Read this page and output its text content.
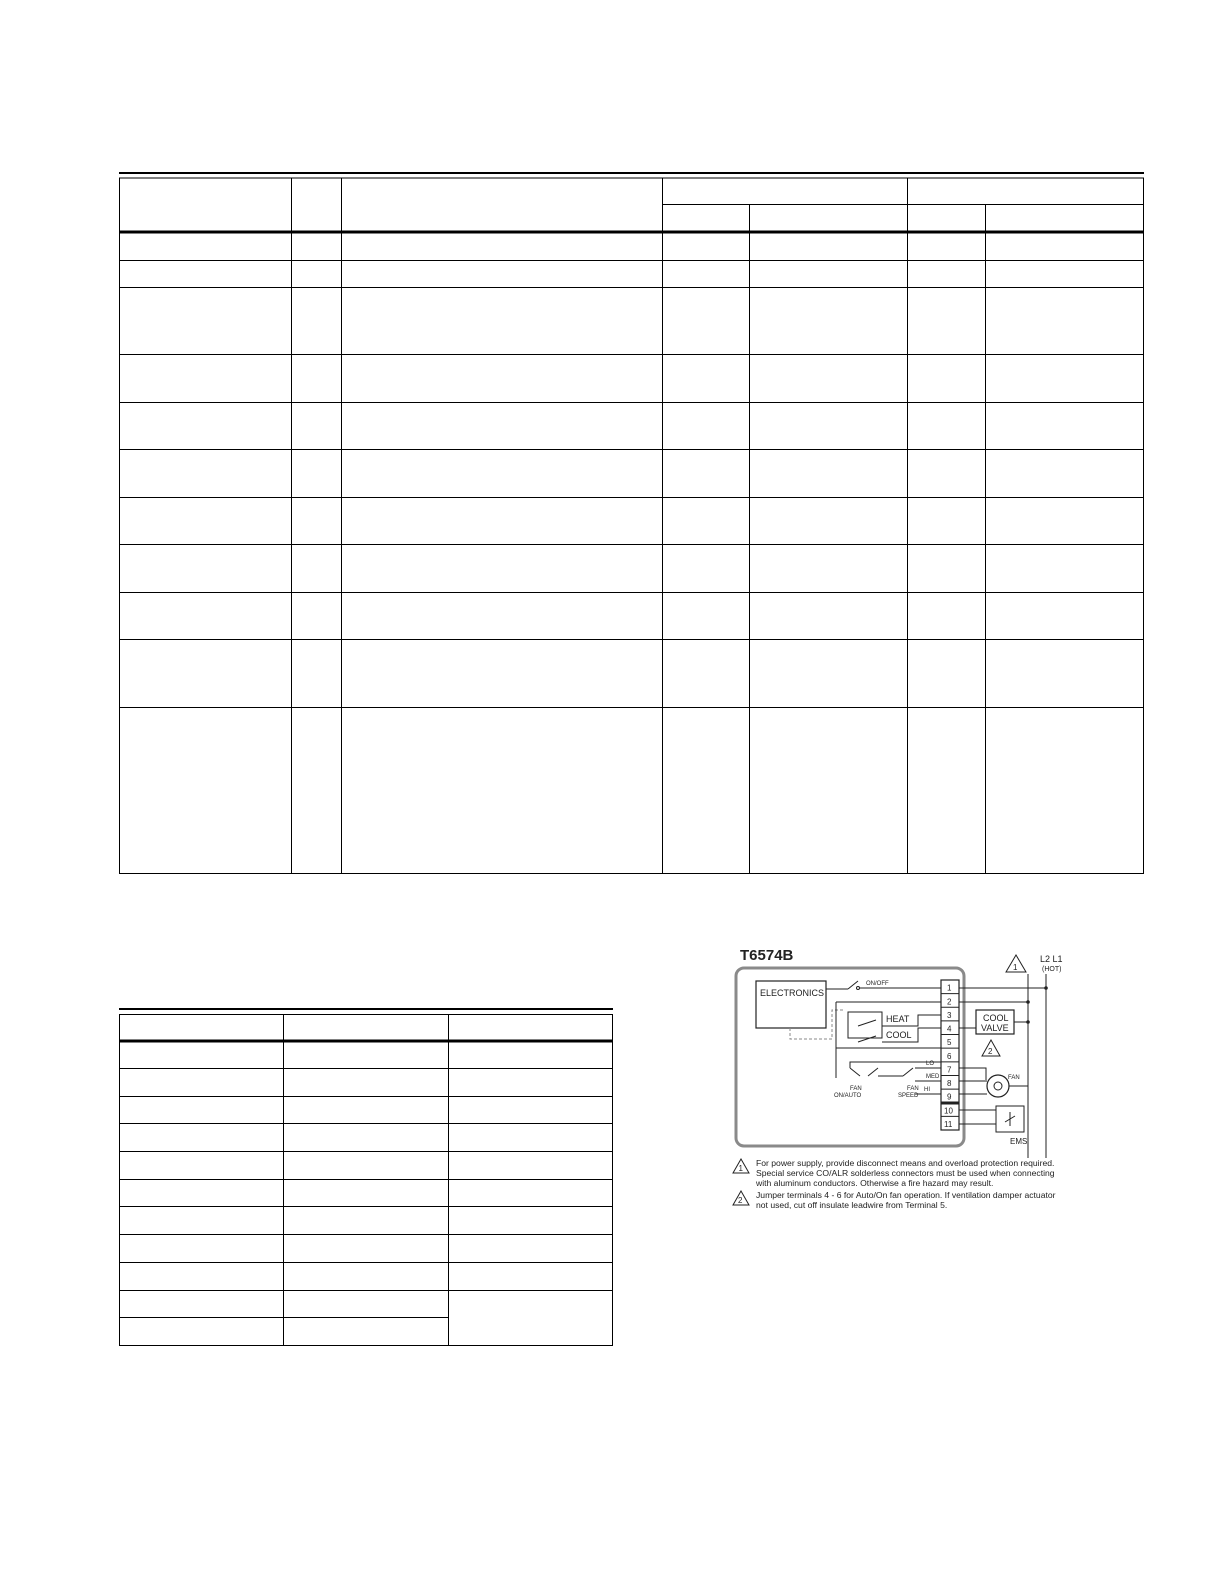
T6574B
ELECTRONICS
ON/OFF
HEAT
COOL
FAN
ON/AUTO
FAN
SPEED
LO
MED
HI
1
2
3
4
5
6
7
8
9
10
11
L2 L1
(HOT)
1
COOL
VALVE
2
FAN
EMS
1
For power supply, provide disconnect means and overload protection required. Special service CO/ALR solderless connectors must be used when connecting with aluminum conductors. Otherwise a fire hazard may result.
2
Jumper terminals 4 - 6 for Auto/On fan operation. If ventilation damper actuator not used, cut off insulate leadwire from Terminal 5.
